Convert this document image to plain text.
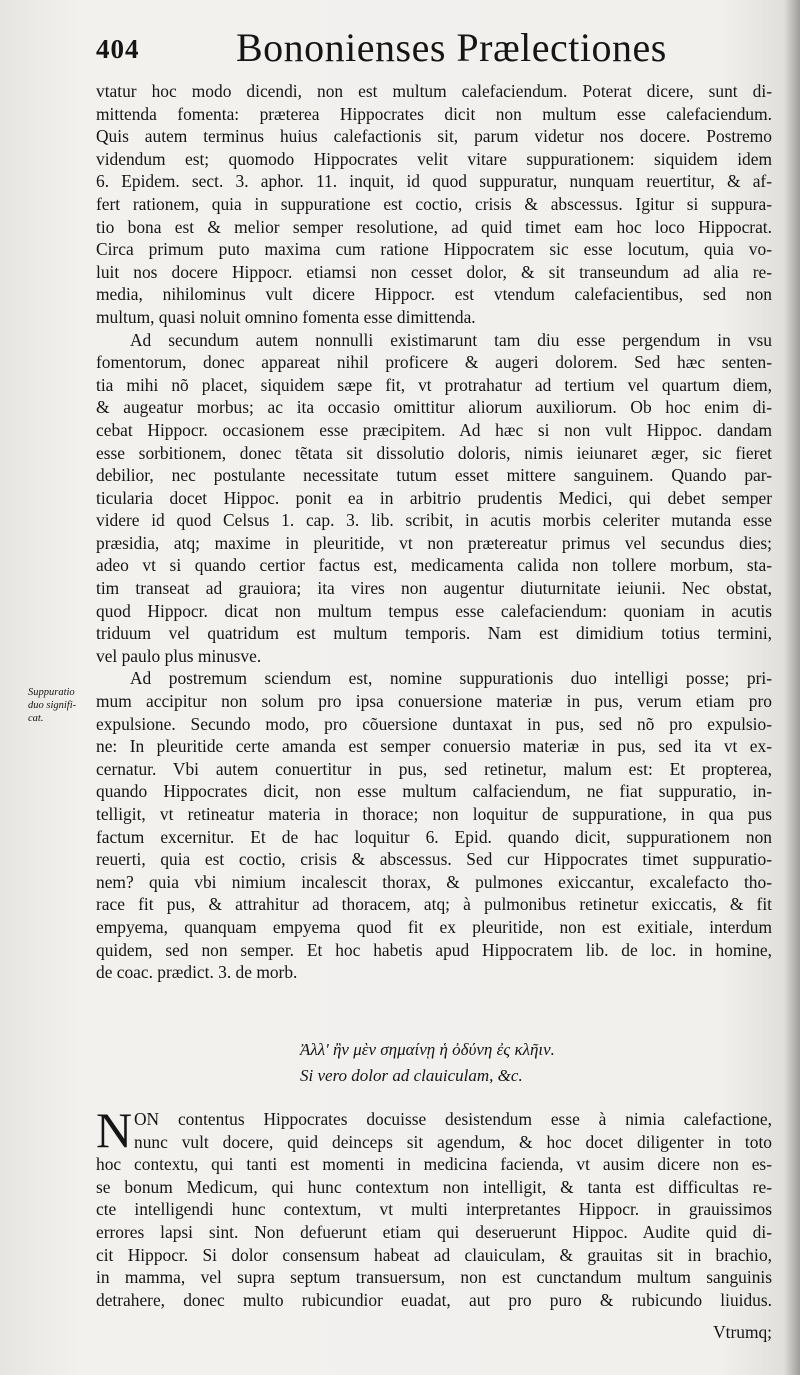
404 Bononienses Prælectiones
vtatur hoc modo dicendi, non est multum calefaciendum. Poterat dicere, sunt di-
mittenda fomenta: præterea Hippocrates dicit non multum esse calefaciendum.
Quis autem terminus huius calefactionis sit, parum videtur nos docere. Postremo
videndum est; quomodo Hippocrates velit vitare suppurationem: siquidem idem
6. Epidem. sect. 3. aphor. 11. inquit, id quod suppuratur, nunquam reuertitur, & af-
fert rationem, quia in suppuratione est coctio, crisis & abscessus. Igitur si suppura-
tio bona est & melior semper resolutione, ad quid timet eam hoc loco Hippocrat.
Circa primum puto maxima cum ratione Hippocratem sic esse locutum, quia vo-
luit nos docere Hippocr. etiamsi non cesset dolor, & sit transeundum ad alia re-
media, nihilominus vult dicere Hippocr. est vtendum calefacientibus, sed non
multum, quasi noluit omnino fomenta esse dimittenda.
Ad secundum autem nonnulli existimarunt tam diu esse pergendum in vsu
fomentorum, donec appareat nihil proficere & augeri dolorem. Sed hæc senten-
tia mihi nõ placet, siquidem sæpe fit, vt protrahatur ad tertium vel quartum diem,
& augeatur morbus; ac ita occasio omittitur aliorum auxiliorum. Ob hoc enim di-
cebat Hippocr. occasionem esse præcipitem. Ad hæc si non vult Hippoc. dandam
esse sorbitionem, donec tẽtata sit dissolutio doloris, nimis ieiunaret æger, sic fieret
debilior, nec postulante necessitate tutum esset mittere sanguinem. Quando par-
ticularia docet Hippoc. ponit ea in arbitrio prudentis Medici, qui debet semper
videre id quod Celsus 1. cap. 3. lib. scribit, in acutis morbis celeriter mutanda esse
præsidia, atq; maxime in pleuritide, vt non prætereatur primus vel secundus dies;
adeo vt si quando certior factus est, medicamenta calida non tollere morbum, sta-
tim transeat ad grauiora; ita vires non augentur diuturnitate ieiunii. Nec obstat,
quod Hippocr. dicat non multum tempus esse calefaciendum: quoniam in acutis
triduum vel quatridum est multum temporis. Nam est dimidium totius termini,
vel paulo plus minusve.
Ad postremum sciendum est, nomine suppurationis duo intelligi posse; pri-
mum accipitur non solum pro ipsa conuersione materiæ in pus, verum etiam pro
expulsione. Secundo modo, pro cõuersione duntaxat in pus, sed nõ pro expulsio-
ne: In pleuritide certe amanda est semper conuersio materiæ in pus, sed ita vt ex-
cernatur. Vbi autem conuertitur in pus, sed retinetur, malum est: Et propterea,
quando Hippocrates dicit, non esse multum calfaciendum, ne fiat suppuratio, in-
telligit, vt retineatur materia in thorace; non loquitur de suppuratione, in qua pus
factum excernitur. Et de hac loquitur 6. Epid. quando dicit, suppurationem non
reuerti, quia est coctio, crisis & abscessus. Sed cur Hippocrates timet suppuratio-
nem? quia vbi nimium incalescit thorax, & pulmones exiccantur, excalefacto tho-
race fit pus, & attrahitur ad thoracem, atq; à pulmonibus retinetur exiccatis, & fit
empyema, quanquam empyema quod fit ex pleuritide, non est exitiale, interdum
quidem, sed non semper. Et hoc habetis apud Hippocratem lib. de loc. in homine,
de coac. prædict. 3. de morb.
Suppuratio
duo signifi-
cat.
Ἀλλ' ἢν μὲν σημαίνῃ ἡ ὀδύνη ἐς κλῆιν.
Si vero dolor ad clauiculam, &c.
N ON contentus Hippocrates docuisse desistendum esse à nimia calefactione,
nunc vult docere, quid deinceps sit agendum, & hoc docet diligenter in toto
hoc contextu, qui tanti est momenti in medicina facienda, vt ausim dicere non es-
se bonum Medicum, qui hunc contextum non intelligit, & tanta est difficultas re-
cte intelligendi hunc contextum, vt multi interpretantes Hippocr. in grauissimos
errores lapsi sint. Non defuerunt etiam qui deseruerunt Hippoc. Audite quid di-
cit Hippocr. Si dolor consensum habeat ad clauiculam, & grauitas sit in brachio,
in mamma, vel supra septum transuersum, non est cunctandum multum sanguinis
detrahere, donec multo rubicundior euadat, aut pro puro & rubicundo liuidus.
Vtrumq;
